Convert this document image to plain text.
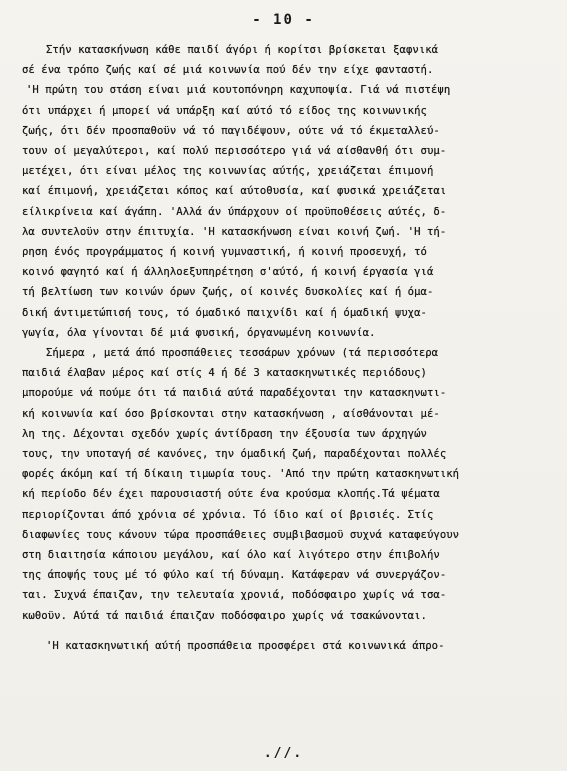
- 10 -
Στήν κατασκήνωση κάθε παιδί άγόρι ή κορίτσι βρίσκεται ξαφνικά
σέ ένα τρόπο ζωής καί σέ μιά κοινωνία πού δέν την είχε φανταστή.
'Η πρώτη του στάση είναι μιά κουτοπόνηρη καχυποψία. Γιά νά πιστέψη
ότι υπάρχει ή μπορεί νά υπάρξη καί αύτό τό είδος της κοινωνικής
ζωής, ότι δέν προσπαθοϋν νά τό παγιδέψουν, ούτε νά τό έκμεταλλεύ-
τουν οί μεγαλύτεροι, καί πολύ περισσότερο γιά νά αίσθανθή ότι συμ-
μετέχει, ότι είναι μέλος της κοινωνίας αύτής, χρειάζεται έπιμονή
καί έπιμονή, χρειάζεται κόπος καί αύτοθυσία, καί φυσικά χρειάζεται
είλικρίνεια καί άγάπη. 'Αλλά άν ύπάρχουν οί προϋποθέσεις αύτές, δ-
λα συντελοϋν στην έπιτυχία. 'Η κατασκήνωση είναι κοινή ζωή. 'Η τή-
ρηση ένός προγράμματος ή κοινή γυμναστική, ή κοινή προσευχή, τό
κοινό φαγητό καί ή άλληλοεξυπηρέτηση σ'αύτό, ή κοινή έργασία γιά
τή βελτίωση των κοινών όρων ζωής, οί κοινές δυσκολίες καί ή όμα-
δική άντιμετώπισή τους, τό όμαδικό παιχνίδι καί ή όμαδική ψυχα-
γωγία, όλα γίνονται δέ μιά φυσική, όργανωμένη κοινωνία.
Σήμερα , μετά άπό προσπάθειες τεσσάρων χρόνων (τά περισσότερα
παιδιά έλαβαν μέρος καί στίς 4 ή δέ 3 κατασκηνωτικές περιόδους)
μπορούμε νά πούμε ότι τά παιδιά αύτά παραδέχονται την κατασκηνωτι-
κή κοινωνία καί όσο βρίσκονται στην κατασκήνωση , αίσθάνονται μέ-
λη της. Δέχονται σχεδόν χωρίς άντίδραση την έξουσία των άρχηγών
τους, την υποταγή σέ κανόνες, την όμαδική ζωή, παραδέχονται πολλές
φορές άκόμη καί τή δίκαιη τιμωρία τους. 'Από την πρώτη κατασκηνωτική
κή περίοδο δέν έχει παρουσιαστή ούτε ένα κρούσμα κλοπής.Τά ψέματα
περιορίζονται άπό χρόνια σέ χρόνια. Τό ίδιο καί οί βρισιές. Στίς
διαφωνίες τους κάνουν τώρα προσπάθειες συμβιβασμοϋ συχνά καταφεύγουν
στη διαιτησία κάποιου μεγάλου, καί όλο καί λιγότερο στην έπιβολήν
της άποψής τους μέ τό φύλο καί τή δύναμη. Κατάφεραν νά συνεργάζον-
ται. Συχνά έπαιζαν, την τελευταία χρονιά, ποδόσφαιρο χωρίς νά τσα-
κωθοϋν. Αύτά τά παιδιά έπαιζαν ποδόσφαιρο χωρίς νά τσακώνονται.
'Η κατασκηνωτική αύτή προσπάθεια προσφέρει στά κοινωνικά άπρο-
.//.
